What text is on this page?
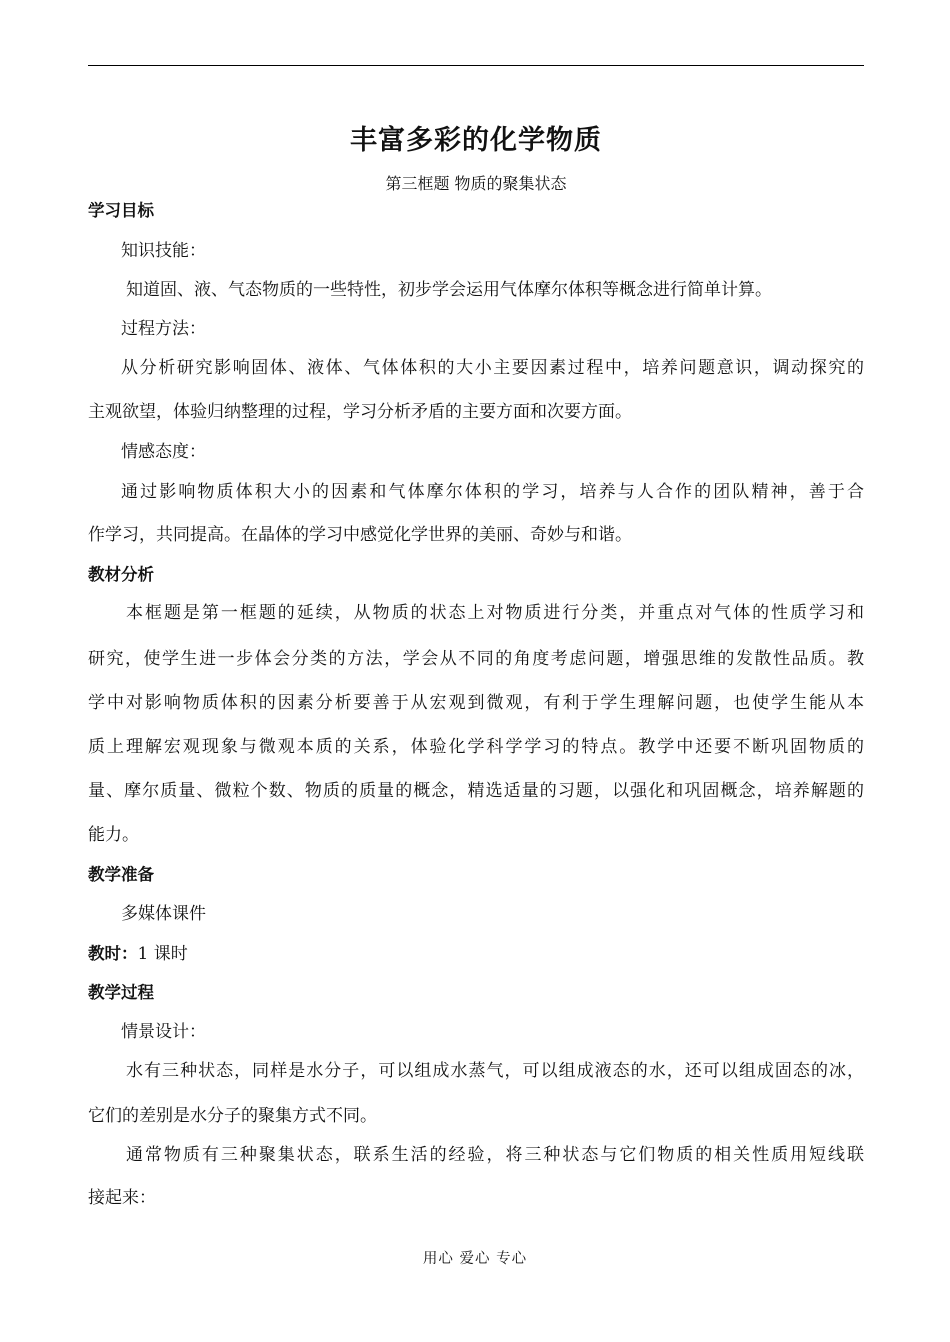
丰富多彩的化学物质
第三框题 物质的聚集状态
学习目标
知识技能：
知道固、液、气态物质的一些特性，初步学会运用气体摩尔体积等概念进行简单计算。
过程方法：
从分析研究影响固体、液体、气体体积的大小主要因素过程中，培养问题意识，调动探究的
主观欲望，体验归纳整理的过程，学习分析矛盾的主要方面和次要方面。
情感态度：
通过影响物质体积大小的因素和气体摩尔体积的学习，培养与人合作的团队精神，善于合
作学习，共同提高。在晶体的学习中感觉化学世界的美丽、奇妙与和谐。
教材分析
本框题是第一框题的延续，从物质的状态上对物质进行分类，并重点对气体的性质学习和
研究，使学生进一步体会分类的方法，学会从不同的角度考虑问题，增强思维的发散性品质。教
学中对影响物质体积的因素分析要善于从宏观到微观，有利于学生理解问题，也使学生能从本
质上理解宏观现象与微观本质的关系，体验化学科学学习的特点。教学中还要不断巩固物质的
量、摩尔质量、微粒个数、物质的质量的概念，精选适量的习题，以强化和巩固概念，培养解题的
能力。
教学准备
多媒体课件
教时：1 课时
教学过程
情景设计：
水有三种状态，同样是水分子，可以组成水蒸气，可以组成液态的水，还可以组成固态的冰，
它们的差别是水分子的聚集方式不同。
通常物质有三种聚集状态，联系生活的经验，将三种状态与它们物质的相关性质用短线联
接起来：
用心 爱心 专心
